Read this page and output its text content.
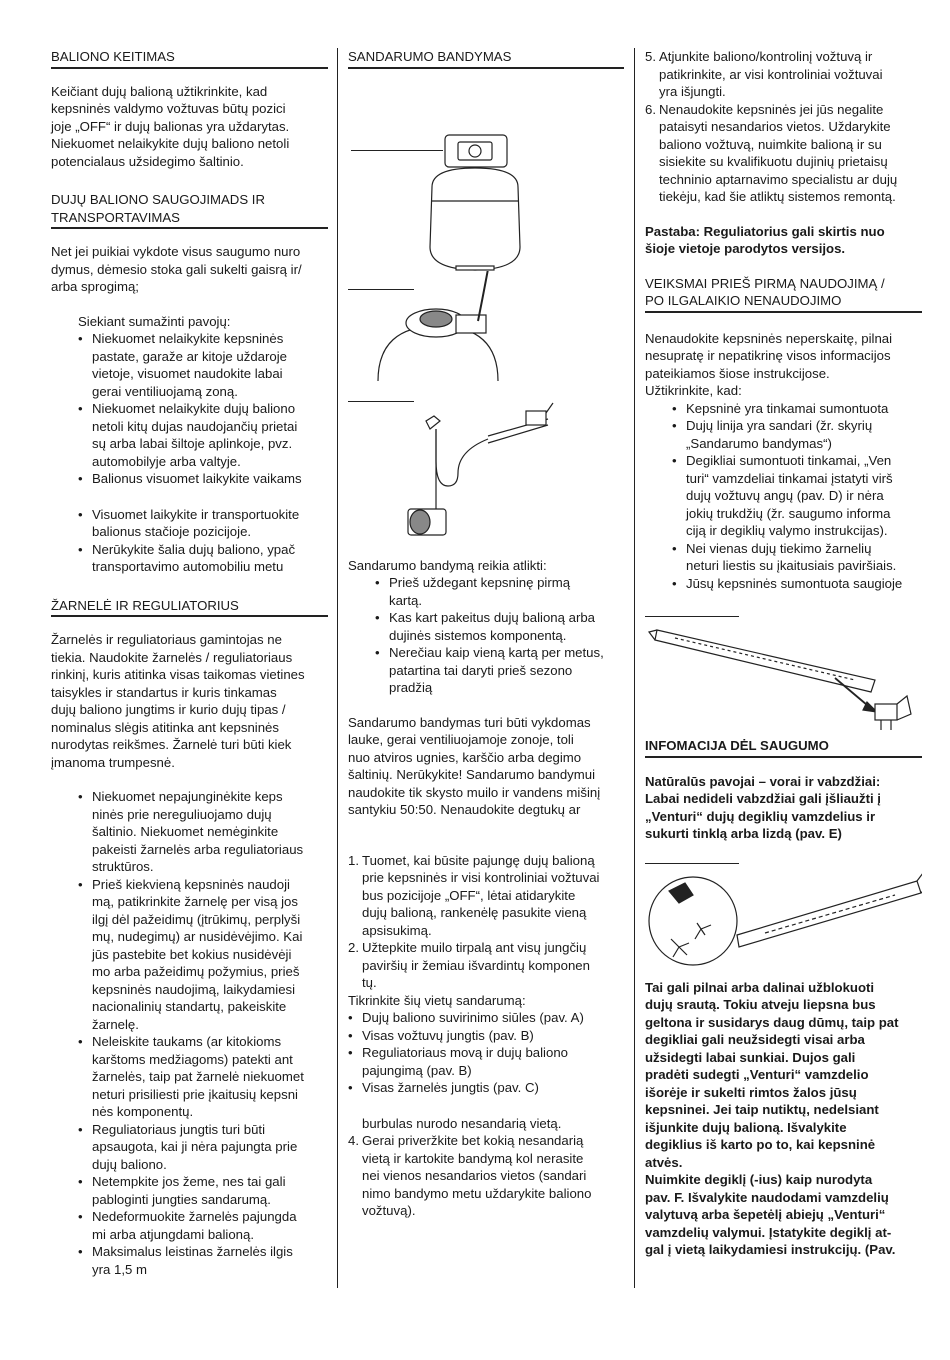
BALIONO KEITIMAS

Keičiant dujų balioną užtikrinkite, kad
kepsninės valdymo vožtuvas būtų pozici
joje „OFF“ ir dujų balionas yra uždarytas.
Niekuomet nelaikykite dujų baliono netoli
potencialaus užsidegimo šaltinio.

DUJŲ BALIONO SAUGOJIMADS IR
TRANSPORTAVIMAS

Net jei puikiai vykdote visus saugumo nuro
dymus, dėmesio stoka gali sukelti gaisrą ir/
arba sprogimą;

Siekiant sumažinti pavojų:

• Niekuomet nelaikykite kepsninės
pastate, garaže ar kitoje uždaroje
vietoje, visuomet naudokite labai
gerai ventiliuojamą zoną.
• Niekuomet nelaikykite dujų baliono
netoli kitų dujas naudojančių prietai
sų arba labai šiltoje aplinkoje, pvz.
automobilyje arba valtyje.
• Balionus visuomet laikykite vaikams
• Visuomet laikykite ir transportuokite
balionus stačioje pozicijoje.
• Nerūkykite šalia dujų baliono, ypač
transportavimo automobiliu metu
ŽARNELĖ IR REGULIATORIUS

Žarnelės ir reguliatoriaus gamintojas ne
tiekia. Naudokite žarnelės / reguliatoriaus
rinkinį, kuris atitinka visas taikomas vietines
taisykles ir standartus ir kuris tinkamas
dujų baliono jungtims ir kurio dujų tipas /
nominalus slėgis atitinka ant kepsninės
nurodytas reikšmes. Žarnelė turi būti kiek
įmanoma trumpesnė.

• Niekuomet nepajunginėkite keps
ninės prie nereguliuojamo dujų
šaltinio. Niekuomet nemėginkite
pakeisti žarnelės arba reguliatoriaus
struktūros.
• Prieš kiekvieną kepsninės naudoji
mą, patikrinkite žarnelę per visą jos
ilgį dėl pažeidimų (įtrūkimų, perplyši
mų, nudegimų) ar nusidėvėjimo. Kai
jūs pastebite bet kokius nusidėvėji
mo arba pažeidimų požymius, prieš
kepsninės naudojimą, laikydamiesi
nacionalinių standartų, pakeiskite
žarnelę.
• Neleiskite taukams (ar kitokioms
karštoms medžiagoms) patekti ant
žarnelės, taip pat žarnelė niekuomet
neturi prisiliesti prie įkaitusių kepsni
nės komponentų.
• Reguliatoriaus jungtis turi būti
apsaugota, kai ji nėra pajungta prie
dujų baliono.
• Netempkite jos žeme, nes tai gali
pabloginti jungties sandarumą.
• Nedeformuokite žarnelės pajungda
mi arba atjungdami balioną.
• Maksimalus leistinas žarnelės ilgis
yra 1,5 m
SANDARUMO BANDYMAS

Sandarumo bandymą reikia atlikti:

• Prieš uždegant kepsninę pirmą
kartą.
• Kas kart pakeitus dujų balioną arba
dujinės sistemos komponentą.
• Nerečiau kaip vieną kartą per metus,
patartina tai daryti prieš sezono
pradžią

Sandarumo bandymas turi būti vykdomas
lauke, gerai ventiliuojamoje zonoje, toli
nuo atviros ugnies, karščio arba degimo
šaltinių. Nerūkykite! Sandarumo bandymui
naudokite tik skysto muilo ir vandens mišinį
santykiu 50:50. Nenaudokite degtukų ar

1. Tuomet, kai būsite pajungę dujų balioną
prie kepsninės ir visi kontroliniai vožtuvai
bus pozicijoje „OFF“, lėtai atidarykite
dujų balioną, rankenėlę pasukite vieną
apsisukimą.
2. Užtepkite muilo tirpalą ant visų jungčių
paviršių ir žemiau išvardintų komponen
tų.

Tikrinkite šių vietų sandarumą:

• Dujų baliono suvirinimo siūles (pav. A)
• Visas vožtuvų jungtis (pav. B)
• Reguliatoriaus movą ir dujų baliono
pajungimą (pav. B)
• Visas žarnelės jungtis (pav. C)

burbulas nurodo nesandarią vietą.

4. Gerai priveržkite bet kokią nesandarią
vietą ir kartokite bandymą kol nerasite
nei vienos nesandarios vietos (sandari
nimo bandymo metu uždarykite baliono
vožtuvą).
5. Atjunkite baliono/kontrolinį vožtuvą ir
patikrinkite, ar visi kontroliniai vožtuvai
yra išjungti.
6. Nenaudokite kepsninės jei jūs negalite
pataisyti nesandarios vietos. Uždarykite
baliono vožtuvą, nuimkite balioną ir su
sisiekite su kvalifikuotu dujinių prietaisų
techninio aptarnavimo specialistu ar dujų
tiekėju, kad šie atliktų sistemos remontą.

Pastaba: Reguliatorius gali skirtis nuo
šioje vietoje parodytos versijos.

VEIKSMAI PRIEŠ PIRMĄ NAUDOJIMĄ /
PO ILGALAIKIO NENAUDOJIMO

Nenaudokite kepsninės neperskaitę, pilnai
nesupratę ir nepatikrinę visos informacijos
pateikiamos šiose instrukcijose.
Užtikrinkite, kad:

• Kepsninė yra tinkamai sumontuota
• Dujų linija yra sandari (žr. skyrių
„Sandarumo bandymas“)
• Degikliai sumontuoti tinkamai, „Ven
turi“ vamzdeliai tinkamai įstatyti virš
dujų vožtuvų angų (pav. D) ir nėra
jokių trukdžių (žr. saugumo informa
ciją ir degiklių valymo instrukcijas).
• Nei vienas dujų tiekimo žarnelių
neturi liestis su įkaitusiais paviršiais.
• Jūsų kepsninės sumontuota saugioje
INFOMACIJA DĖL SAUGUMO

Natūralūs pavojai – vorai ir vabzdžiai:
Labai nedideli vabzdžiai gali įšliaužti į
„Venturi“ dujų degiklių vamzdelius ir
sukurti tinklą arba lizdą (pav. E)

Tai gali pilnai arba dalinai užblokuoti
dujų srautą. Tokiu atveju liepsna bus
geltona ir susidarys daug dūmų, taip pat
degikliai gali neužsidegti visai arba
užsidegti labai sunkiai. Dujos gali
pradėti sudegti „Venturi“ vamzdelio
išorėje ir sukelti rimtos žalos jūsų
kepsninei. Jei taip nutiktų, nedelsiant
išjunkite dujų balioną. Išvalykite
degiklius iš karto po to, kai kepsninė
atvės.
Nuimkite degiklį (-ius) kaip nurodyta
pav. F. Išvalykite naudodami vamzdelių
valytuvą arba šepetėlį abiejų „Venturi“
vamzdelių valymui. Įstatykite degiklį at-
gal į vietą laikydamiesi instrukcijų. (Pav.
